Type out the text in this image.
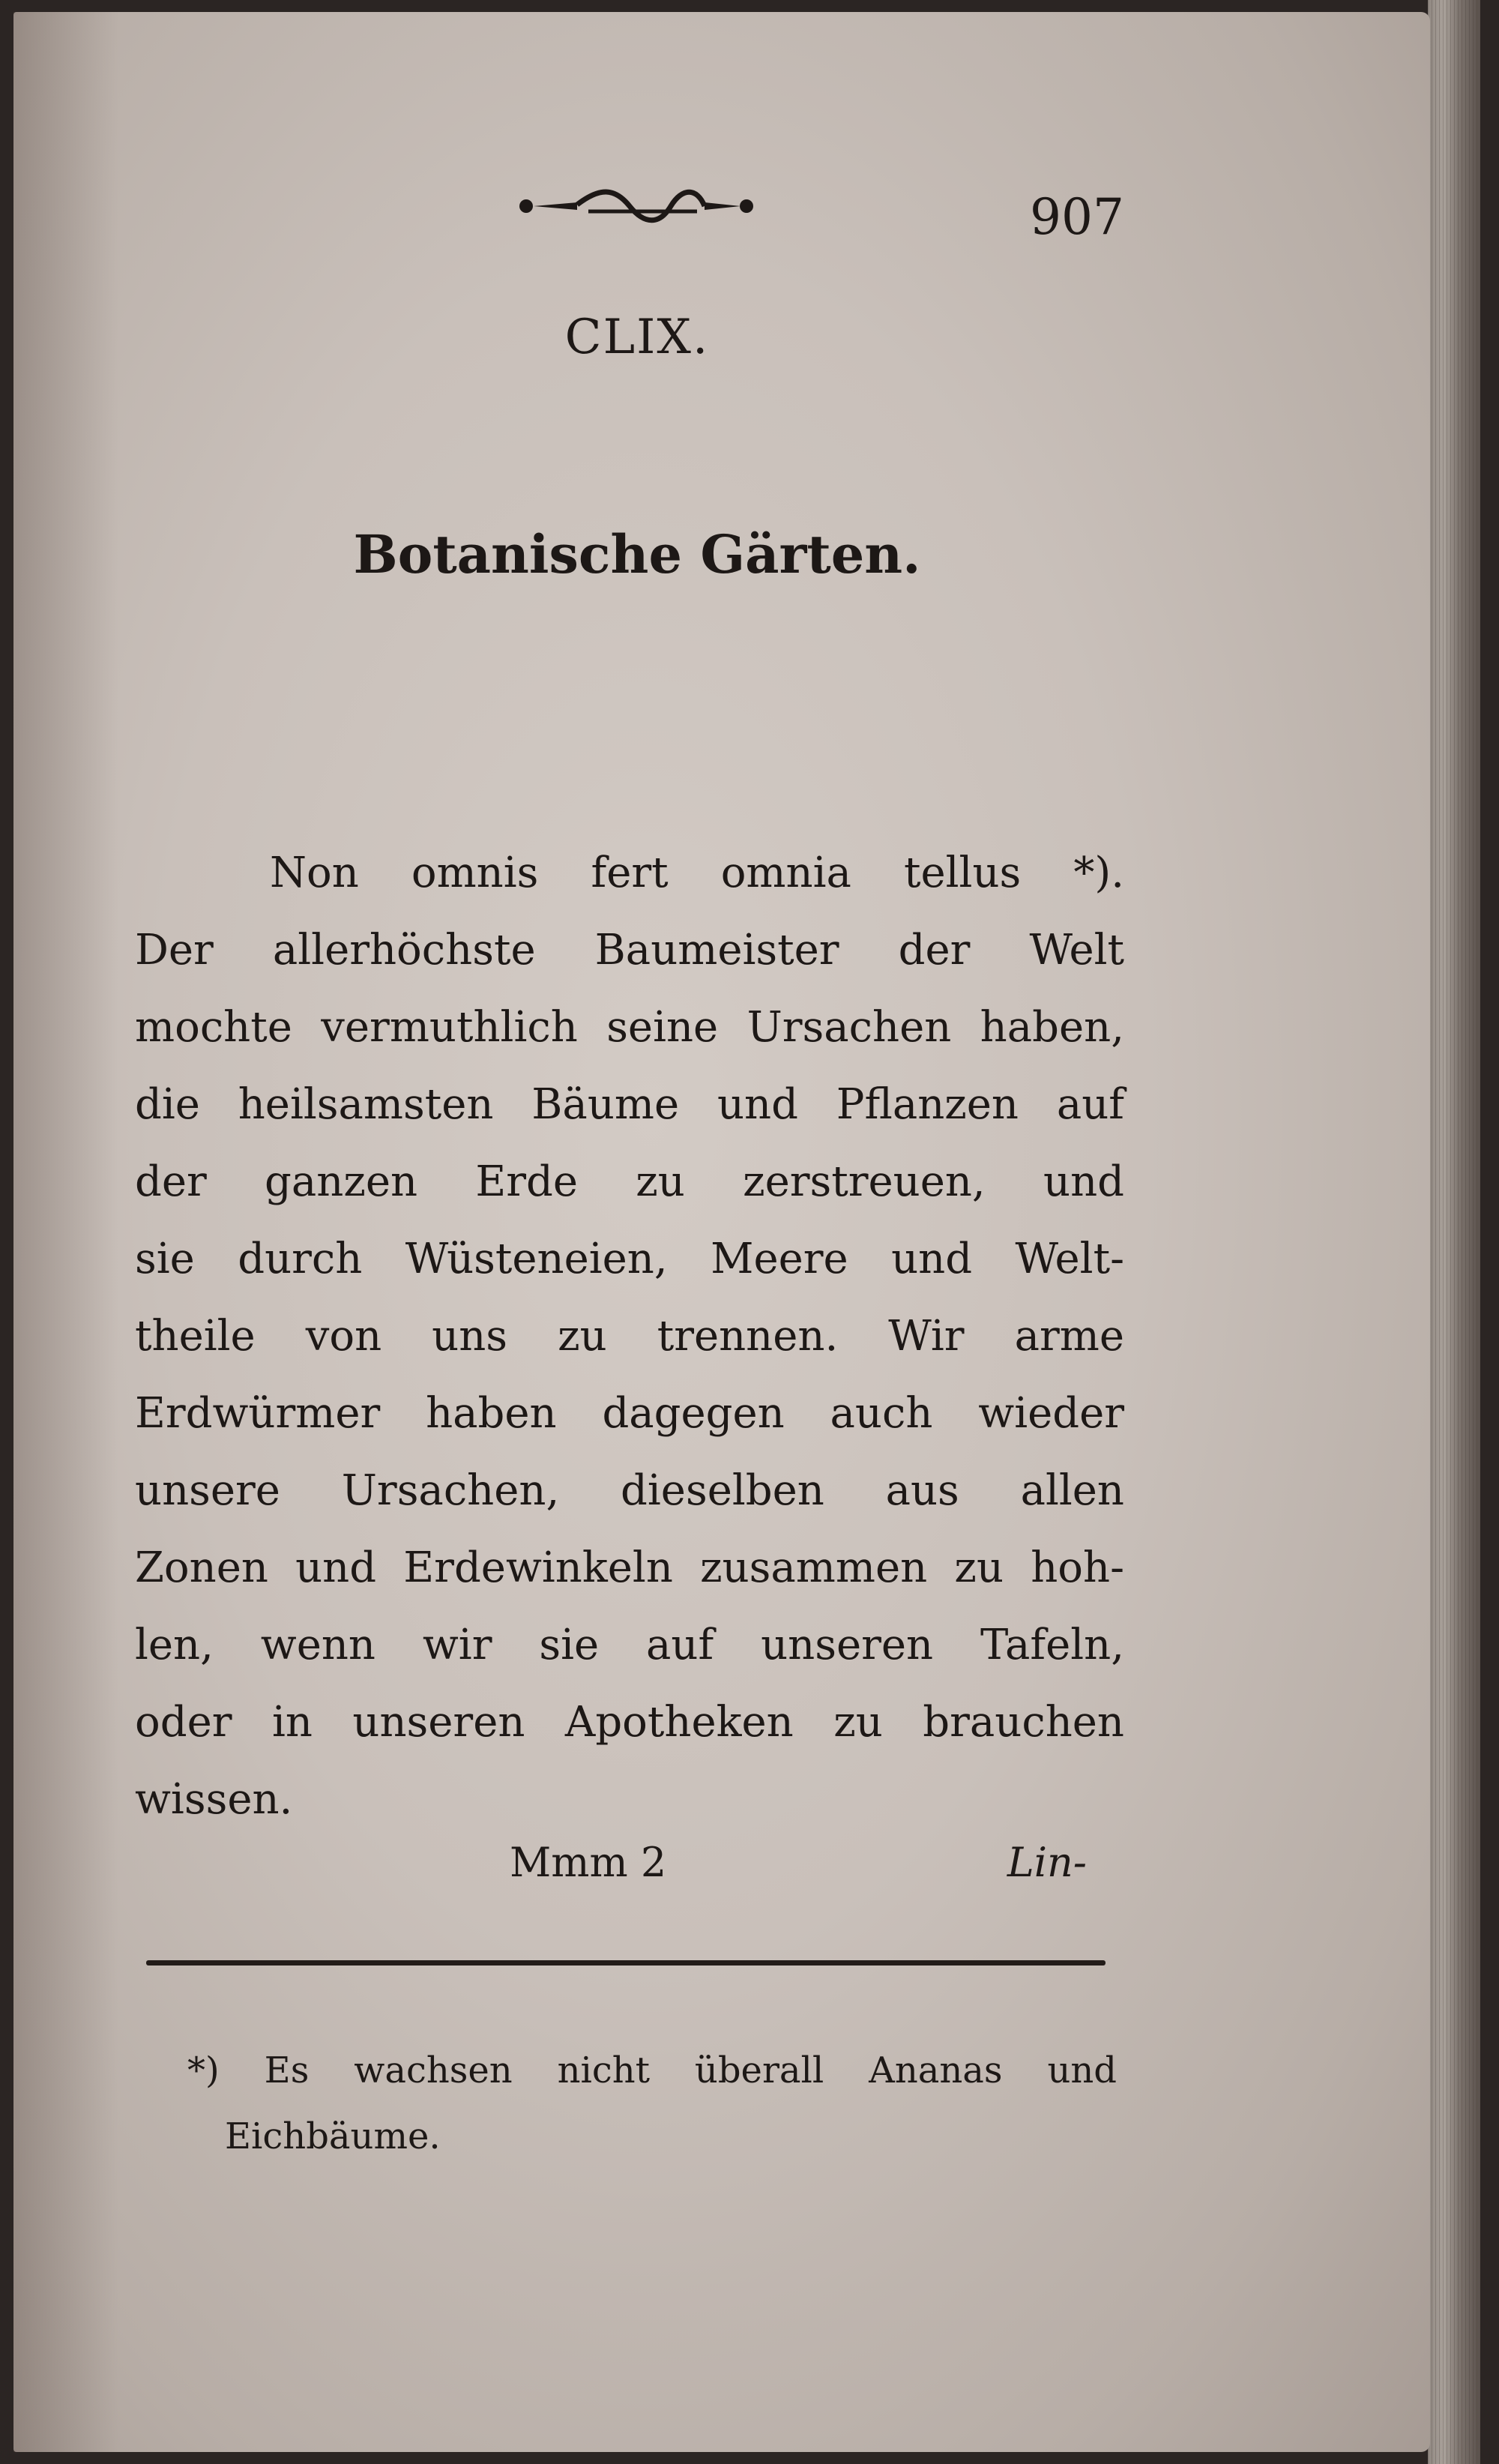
907
CLIX.
Botanische Gärten.
Non omnis fert omnia tellus *).
Der allerhöchste Baumeister der Welt
mochte vermuthlich seine Ursachen haben,
die heilsamsten Bäume und Pflanzen auf
der ganzen Erde zu zerstreuen, und
sie durch Wüsteneien, Meere und Welt-
theile von uns zu trennen. Wir arme
Erdwürmer haben dagegen auch wieder
unsere Ursachen, dieselben aus allen
Zonen und Erdewinkeln zusammen zu hoh-
len, wenn wir sie auf unseren Tafeln,
oder in unseren Apotheken zu brauchen
wissen.
Mmm 2	Lin-
*) Es wachsen nicht überall Ananas und
Eichbäume.
